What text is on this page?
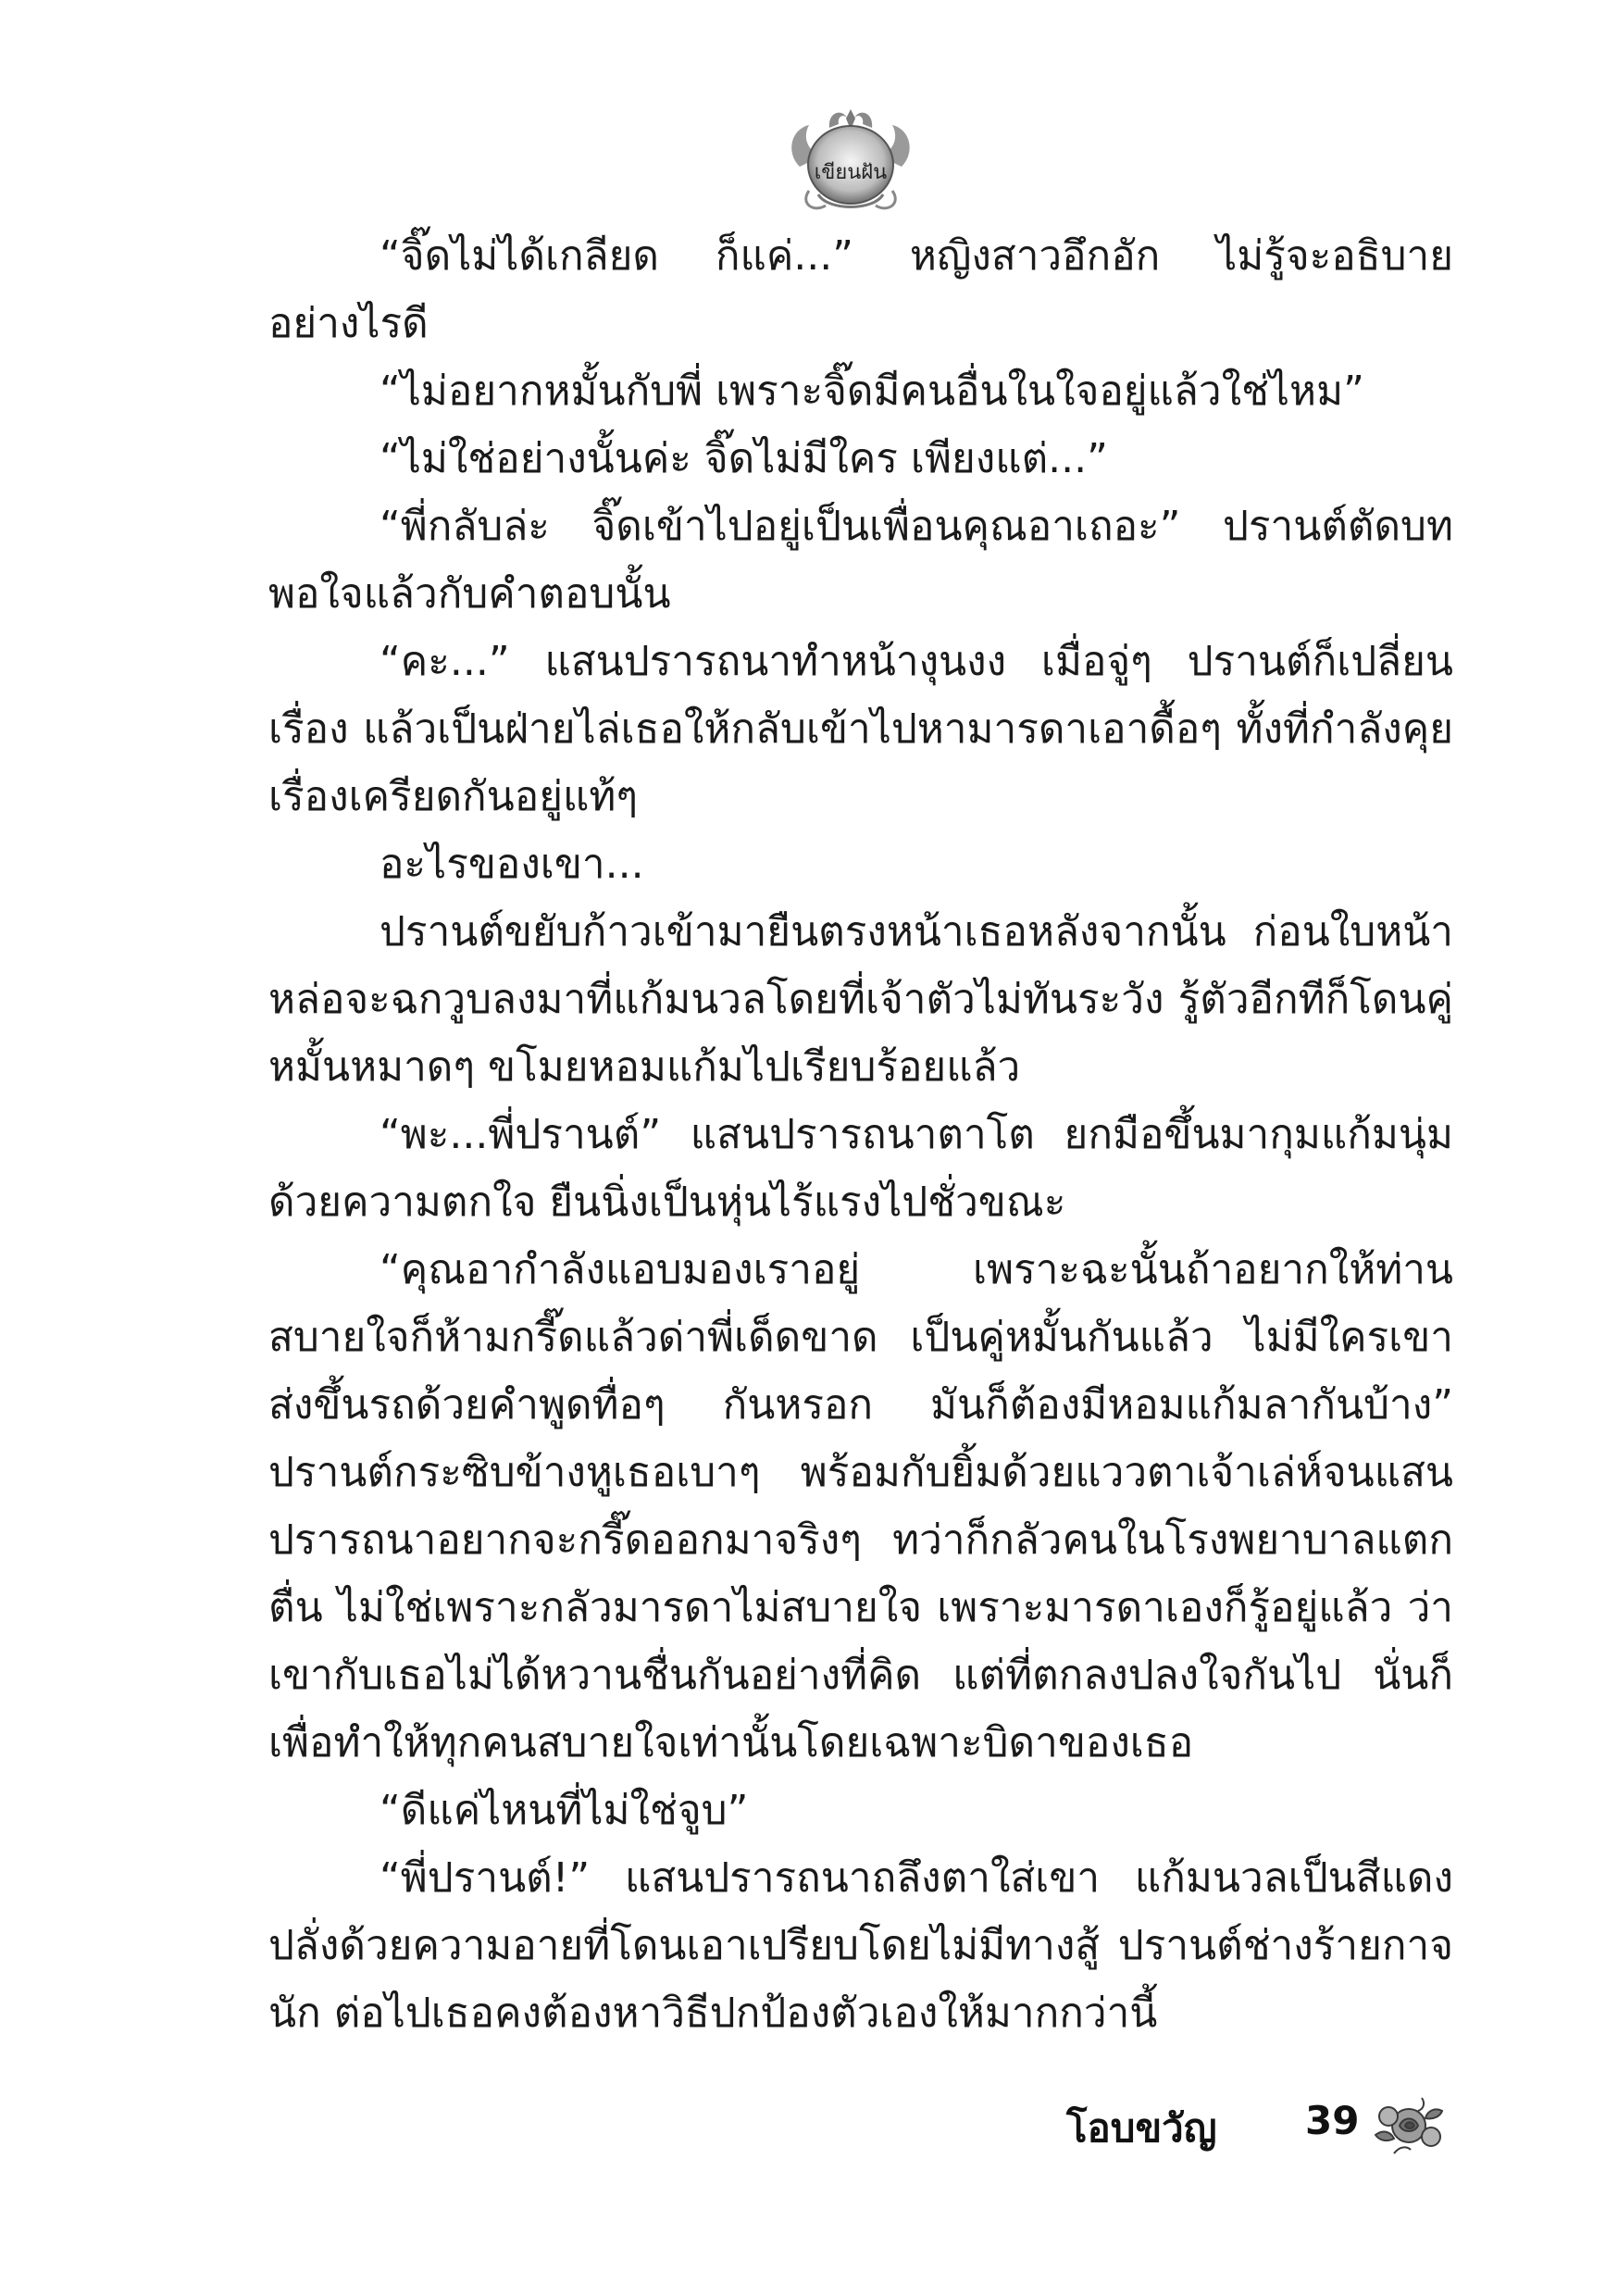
เขียนฝัน

“จิ๊ดไม่ได้เกลียด ก็แค่...” หญิงสาวอึกอัก ไม่รู้จะอธิบายอย่างไรดี

“ไม่อยากหมั้นกับพี่ เพราะจิ๊ดมีคนอื่นในใจอยู่แล้วใช่ไหม”

“ไม่ใช่อย่างนั้นค่ะ จิ๊ดไม่มีใคร เพียงแต่...”

“พี่กลับล่ะ จิ๊ดเข้าไปอยู่เป็นเพื่อนคุณอาเถอะ” ปรานต์ตัดบท พอใจแล้วกับคำตอบนั้น

“คะ...” แสนปรารถนาทำหน้างุนงง เมื่อจู่ๆ ปรานต์ก็เปลี่ยนเรื่อง แล้วเป็นฝ่ายไล่เธอให้กลับเข้าไปหามารดาเอาดื้อๆ ทั้งที่กำลังคุยเรื่องเครียดกันอยู่แท้ๆ

อะไรของเขา...

ปรานต์ขยับก้าวเข้ามายืนตรงหน้าเธอหลังจากนั้น ก่อนใบหน้าหล่อจะฉกวูบลงมาที่แก้มนวลโดยที่เจ้าตัวไม่ทันระวัง รู้ตัวอีกทีก็โดนคู่หมั้นหมาดๆ ขโมยหอมแก้มไปเรียบร้อยแล้ว

“พะ...พี่ปรานต์” แสนปรารถนาตาโต ยกมือขึ้นมากุมแก้มนุ่มด้วยความตกใจ ยืนนิ่งเป็นหุ่นไร้แรงไปชั่วขณะ

“คุณอากำลังแอบมองเราอยู่ เพราะฉะนั้นถ้าอยากให้ท่านสบายใจก็ห้ามกรี๊ดแล้วด่าพี่เด็ดขาด เป็นคู่หมั้นกันแล้ว ไม่มีใครเขาส่งขึ้นรถด้วยคำพูดทื่อๆ กันหรอก มันก็ต้องมีหอมแก้มลากันบ้าง” ปรานต์กระซิบข้างหูเธอเบาๆ พร้อมกับยิ้มด้วยแววตาเจ้าเล่ห์จนแสนปรารถนาอยากจะกรี๊ดออกมาจริงๆ ทว่าก็กลัวคนในโรงพยาบาลแตกตื่น ไม่ใช่เพราะกลัวมารดาไม่สบายใจ เพราะมารดาเองก็รู้อยู่แล้ว ว่าเขากับเธอไม่ได้หวานชื่นกันอย่างที่คิด แต่ที่ตกลงปลงใจกันไป นั่นก็เพื่อทำให้ทุกคนสบายใจเท่านั้นโดยเฉพาะบิดาของเธอ

“ดีแค่ไหนที่ไม่ใช่จูบ”

“พี่ปรานต์!” แสนปรารถนาถลึงตาใส่เขา แก้มนวลเป็นสีแดงปลั่งด้วยความอายที่โดนเอาเปรียบโดยไม่มีทางสู้ ปรานต์ช่างร้ายกาจนัก ต่อไปเธอคงต้องหาวิธีปกป้องตัวเองให้มากกว่านี้

โอบขวัญ 39
